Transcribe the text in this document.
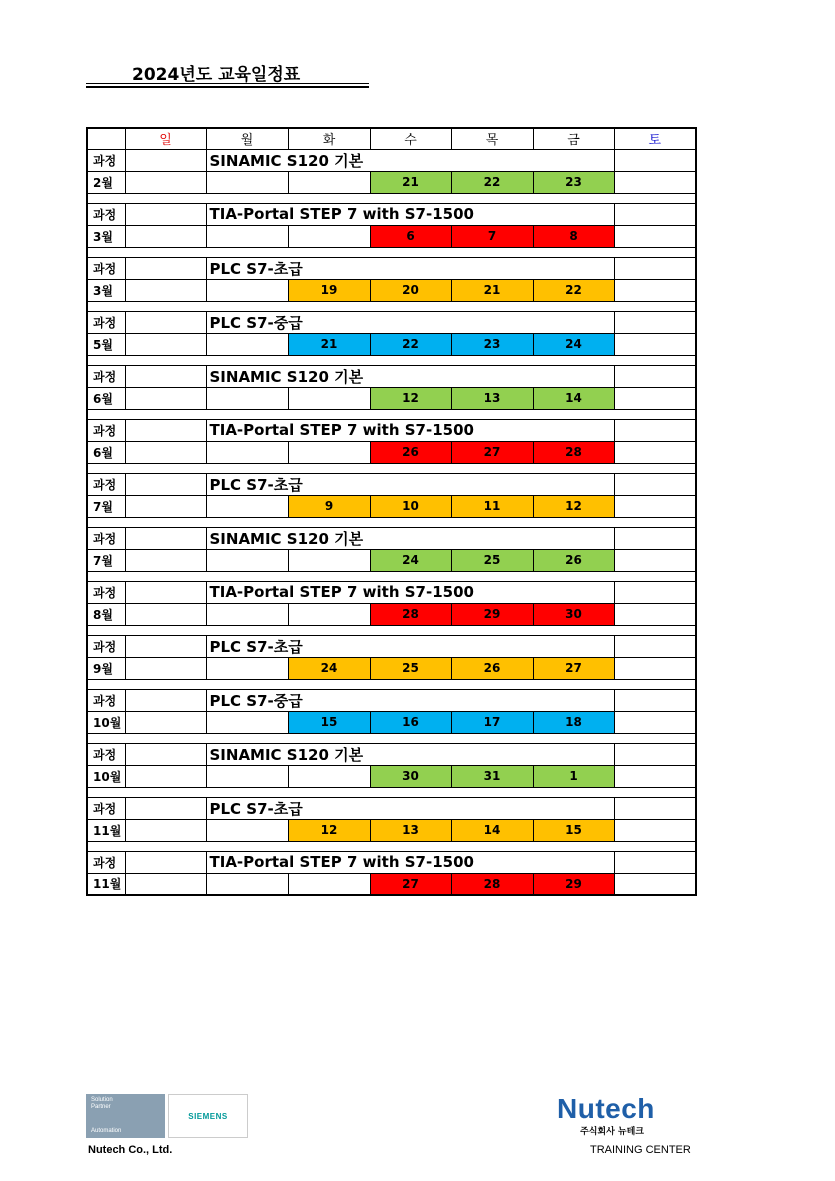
2024년도 교육일정표
	일	월	화	수	목	금	토
과정		SINAMIC S120 기본					
2월				21	22	23	

과정		TIA-Portal STEP 7 with S7-1500					
3월				6	7	8	

과정		PLC S7-초급					
3월			19	20	21	22	

과정		PLC S7-중급					
5월			21	22	23	24	

과정		SINAMIC S120 기본					
6월				12	13	14	

과정		TIA-Portal STEP 7 with S7-1500					
6월				26	27	28	

과정		PLC S7-초급					
7월			9	10	11	12	

과정		SINAMIC S120 기본					
7월				24	25	26	

과정		TIA-Portal STEP 7 with S7-1500					
8월				28	29	30	

과정		PLC S7-초급					
9월			24	25	26	27	

과정		PLC S7-중급					
10월			15	16	17	18	

과정		SINAMIC S120 기본					
10월				30	31	1	

과정		PLC S7-초급					
11월			12	13	14	15	

과정		TIA-Portal STEP 7 with S7-1500					
11월				27	28	29	
Solution
Partner
Automation
SIEMENS
Nutech Co., Ltd.
Nutech
주식회사 뉴테크
TRAINING CENTER
